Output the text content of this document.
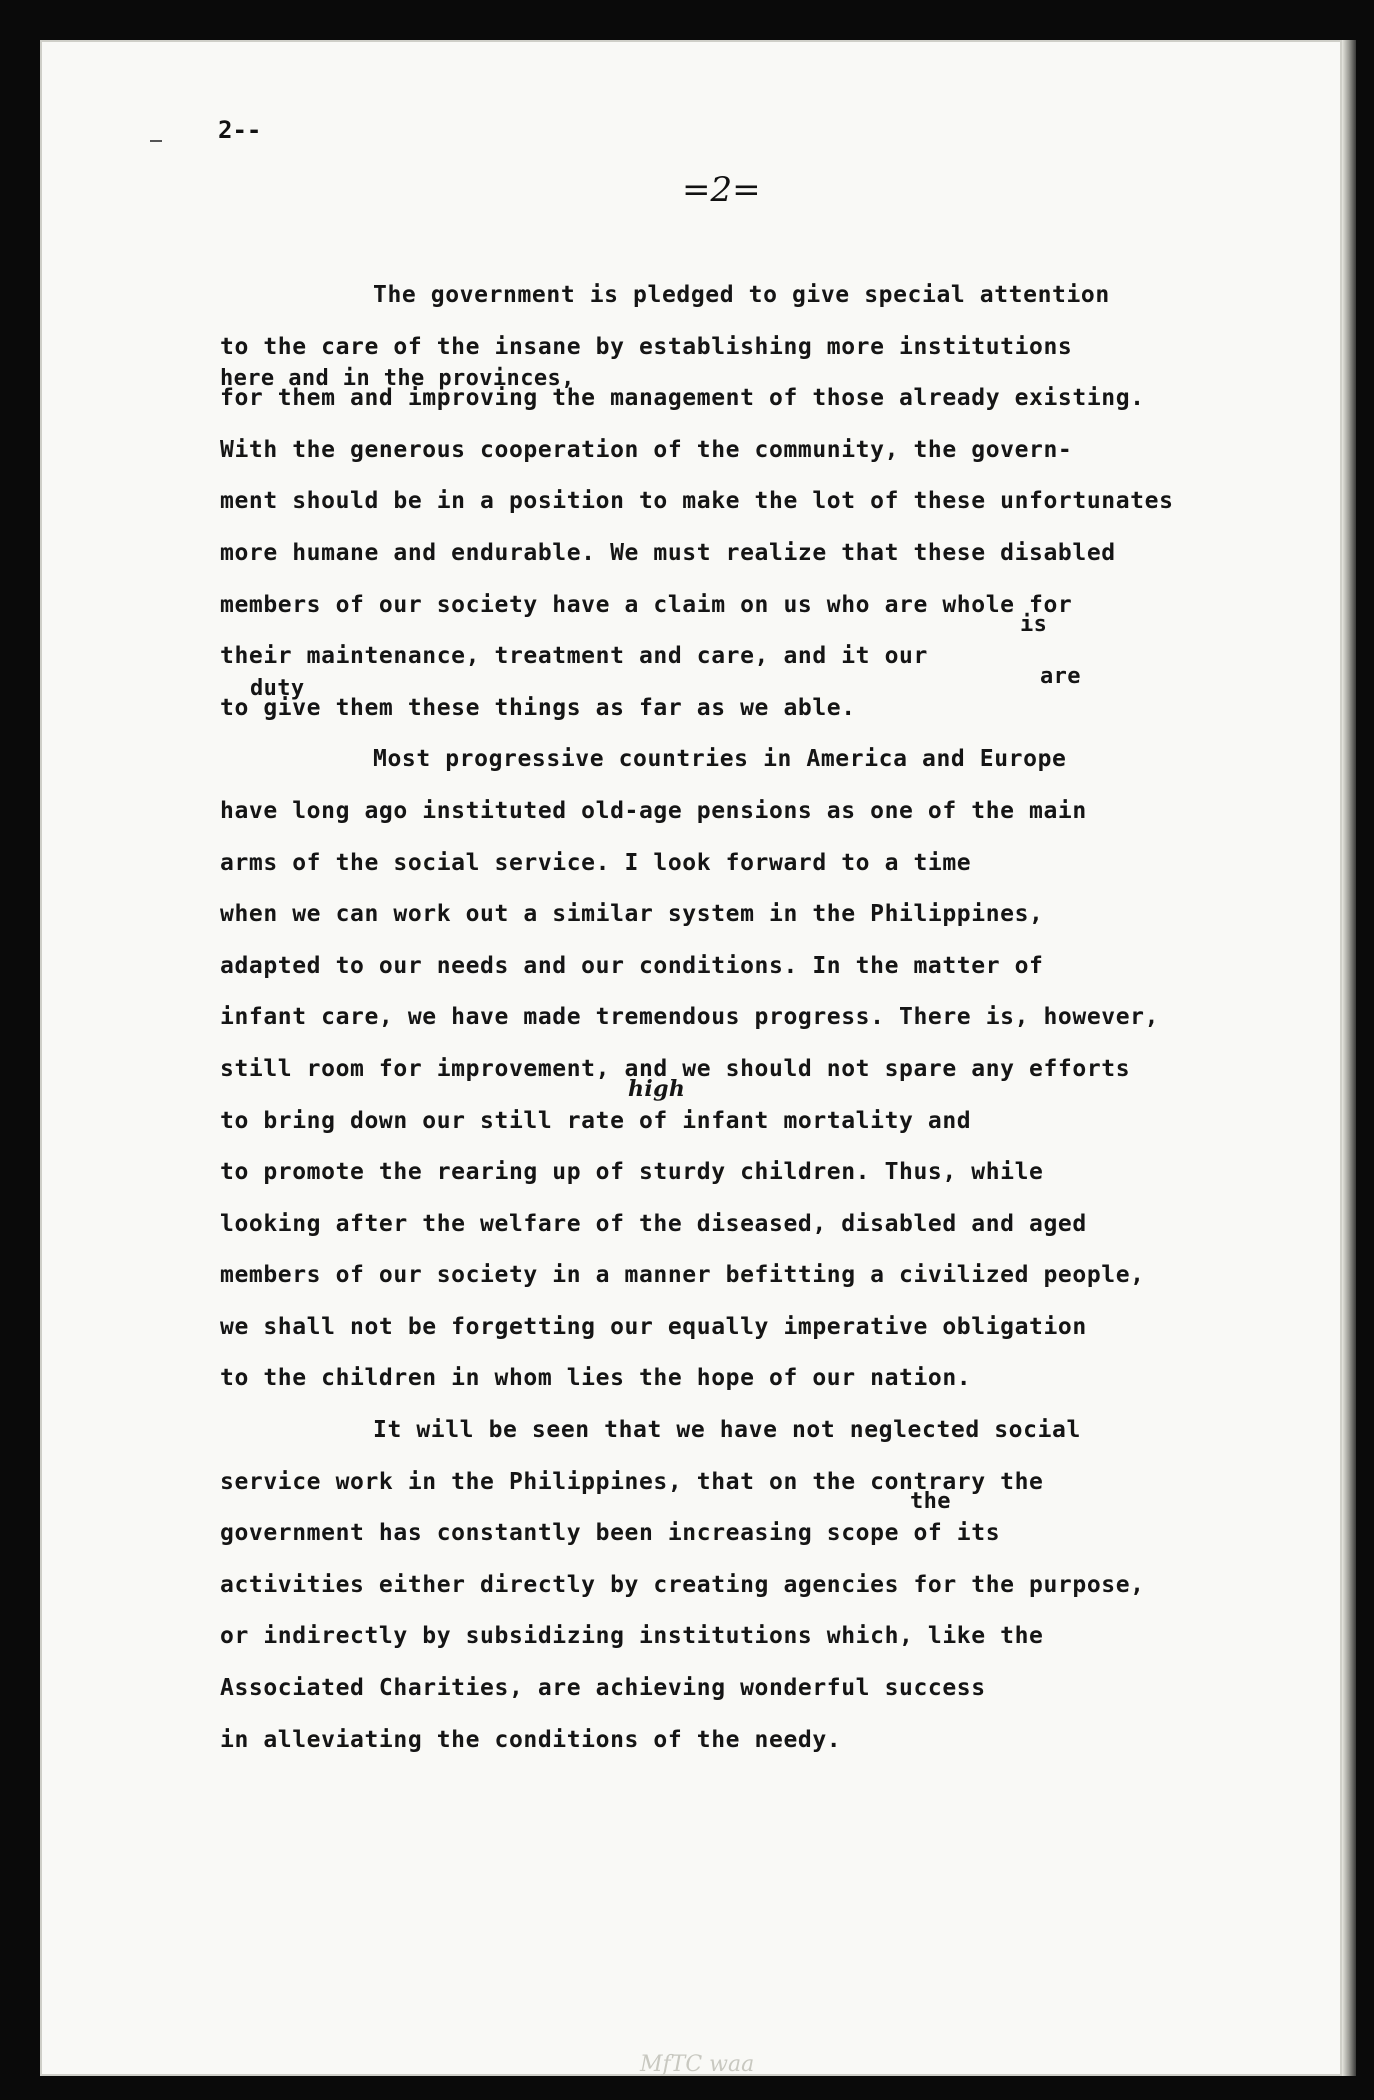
2--
=2=

The government is pledged to give special attention

to the care of the insane by establishing more institutions

here and in the provinces,
for them and improving the management of those already existing.

With the generous cooperation of the community, the govern-

ment should be in a position to make the lot of these unfortunates

more humane and endurable. We must realize that these disabled

members of our society have a claim on us who are whole for

their maintenance, treatment and care, and it our
is

duty	are
to give them these things as far as we able.

Most progressive countries in America and Europe

have long ago instituted old-age pensions as one of the main

arms of the social service. I look forward to a time

when we can work out a similar system in the Philippines,

adapted to our needs and our conditions. In the matter of

infant care, we have made tremendous progress. There is, however,

still room for improvement, and we should not spare any efforts

high
to bring down our still rate of infant mortality and

to promote the rearing up of sturdy children. Thus, while

looking after the welfare of the diseased, disabled and aged

members of our society in a manner befitting a civilized people,

we shall not be forgetting our equally imperative obligation

to the children in whom lies the hope of our nation.

It will be seen that we have not neglected social

service work in the Philippines, that on the contrary the

the
government has constantly been increasing scope of its

activities either directly by creating agencies for the purpose,

or indirectly by subsidizing institutions which, like the

Associated Charities, are achieving wonderful success

in alleviating the conditions of the needy.

MfTC waa
